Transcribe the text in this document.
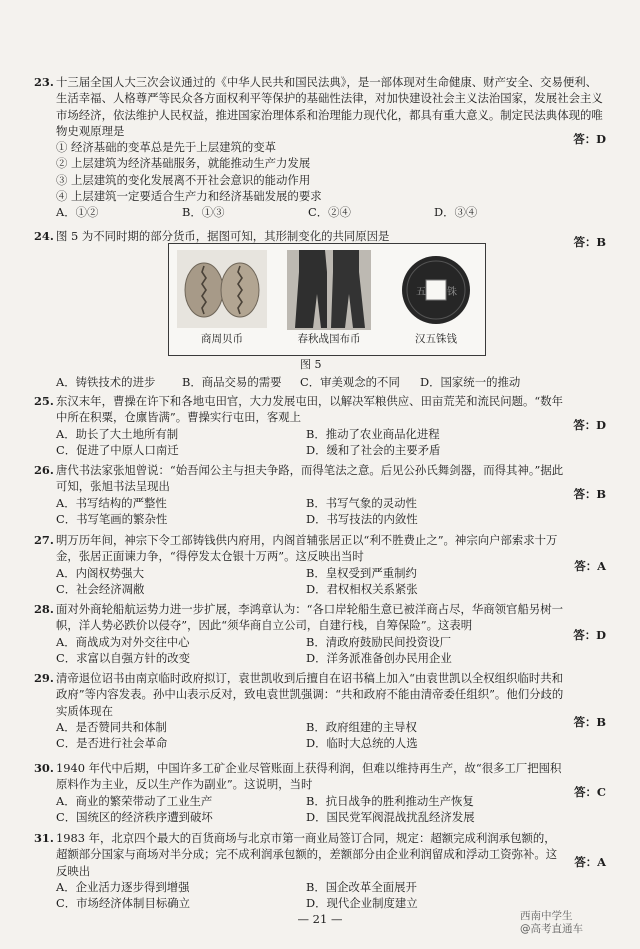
23. 十三届全国人大三次会议通过的《中华人民共和国民法典》，是一部体现对生命健康、财产安全、交易便利、生活幸福、人格尊严等民众各方面权利平等保护的基础性法律，对加快建设社会主义法治国家，发展社会主义市场经济，依法维护人民权益，推进国家治理体系和治理能力现代化，都具有重大意义。制定民法典体现的唯物史观原理是
答：D
① 经济基础的变革总是先于上层建筑的变革
② 上层建筑为经济基础服务，就能推动生产力发展
③ 上层建筑的变化发展离不开社会意识的能动作用
④ 上层建筑一定要适合生产力和经济基础发展的要求
A．①②	B．①③	C．②④	D．③④
24. 图 5 为不同时期的部分货币，据图可知，其形制变化的共同原因是	答：B
商周贝币	春秋战国布币
五 铢
汉五铢钱
图 5
A．铸铁技术的进步	B．商品交易的需要	C．审美观念的不同	D．国家统一的推动
25. 东汉末年，曹操在许下和各地屯田官，大力发展屯田，以解决军粮供应、田亩荒芜和流民问题。“数年中所在积粟，仓廪皆满”。曹操实行屯田，客观上
答：D
A．助长了大土地所有制	B．推动了农业商品化进程
C．促进了中原人口南迁	D．缓和了社会的主要矛盾
26. 唐代书法家张旭曾说：“始吾闻公主与担夫争路，而得笔法之意。后见公孙氏舞剑器，而得其神。”据此可知，张旭书法呈现出
答：B
A．书写结构的严整性	B．书写气象的灵动性
C．书写笔画的繁杂性	D．书写技法的内敛性
27. 明万历年间，神宗下令工部铸钱供内府用，内阁首辅张居正以“利不胜费止之”。神宗向户部索求十万金，张居正面谏力争，“得停发太仓银十万两”。这反映出当时
答：A
A．内阁权势强大	B．皇权受到严重制约
C．社会经济凋敝	D．君权相权关系紧张
28. 面对外商轮船航运势力进一步扩展，李鸿章认为：“各口岸轮船生意已被洋商占尽，华商领官船另树一帜，洋人势必跌价以侵夺”，因此“须华商自立公司，自建行栈，自筹保险”。这表明
答：D
A．商战成为对外交往中心	B．清政府鼓励民间投资设厂
C．求富以自强方针的改变	D．洋务派准备创办民用企业
29. 清帝退位诏书由南京临时政府拟订，袁世凯收到后擅自在诏书稿上加入“由袁世凯以全权组织临时共和政府”等内容发表。孙中山表示反对，致电袁世凯强调：“共和政府不能由清帝委任组织”。他们分歧的实质体现在
答：B
A．是否赞同共和体制	B．政府组建的主导权
C．是否进行社会革命	D．临时大总统的人选
30. 1940 年代中后期，中国许多工矿企业尽管账面上获得利润，但难以维持再生产，故“很多工厂把囤积原料作为主业，反以生产作为副业”。这说明，当时
答：C
A．商业的繁荣带动了工业生产	B．抗日战争的胜利推动生产恢复
C．国统区的经济秩序遭到破坏	D．国民党军阀混战扰乱经济发展
31. 1983 年，北京四个最大的百货商场与北京市第一商业局签订合同，规定：超额完成利润承包额的，超额部分国家与商场对半分成；完不成利润承包额的，差额部分由企业利润留成和浮动工资弥补。这反映出
答：A
A．企业活力逐步得到增强	B．国企改革全面展开
C．市场经济体制目标确立	D．现代企业制度建立
— 21 —	西南中学生
@高考直通车
